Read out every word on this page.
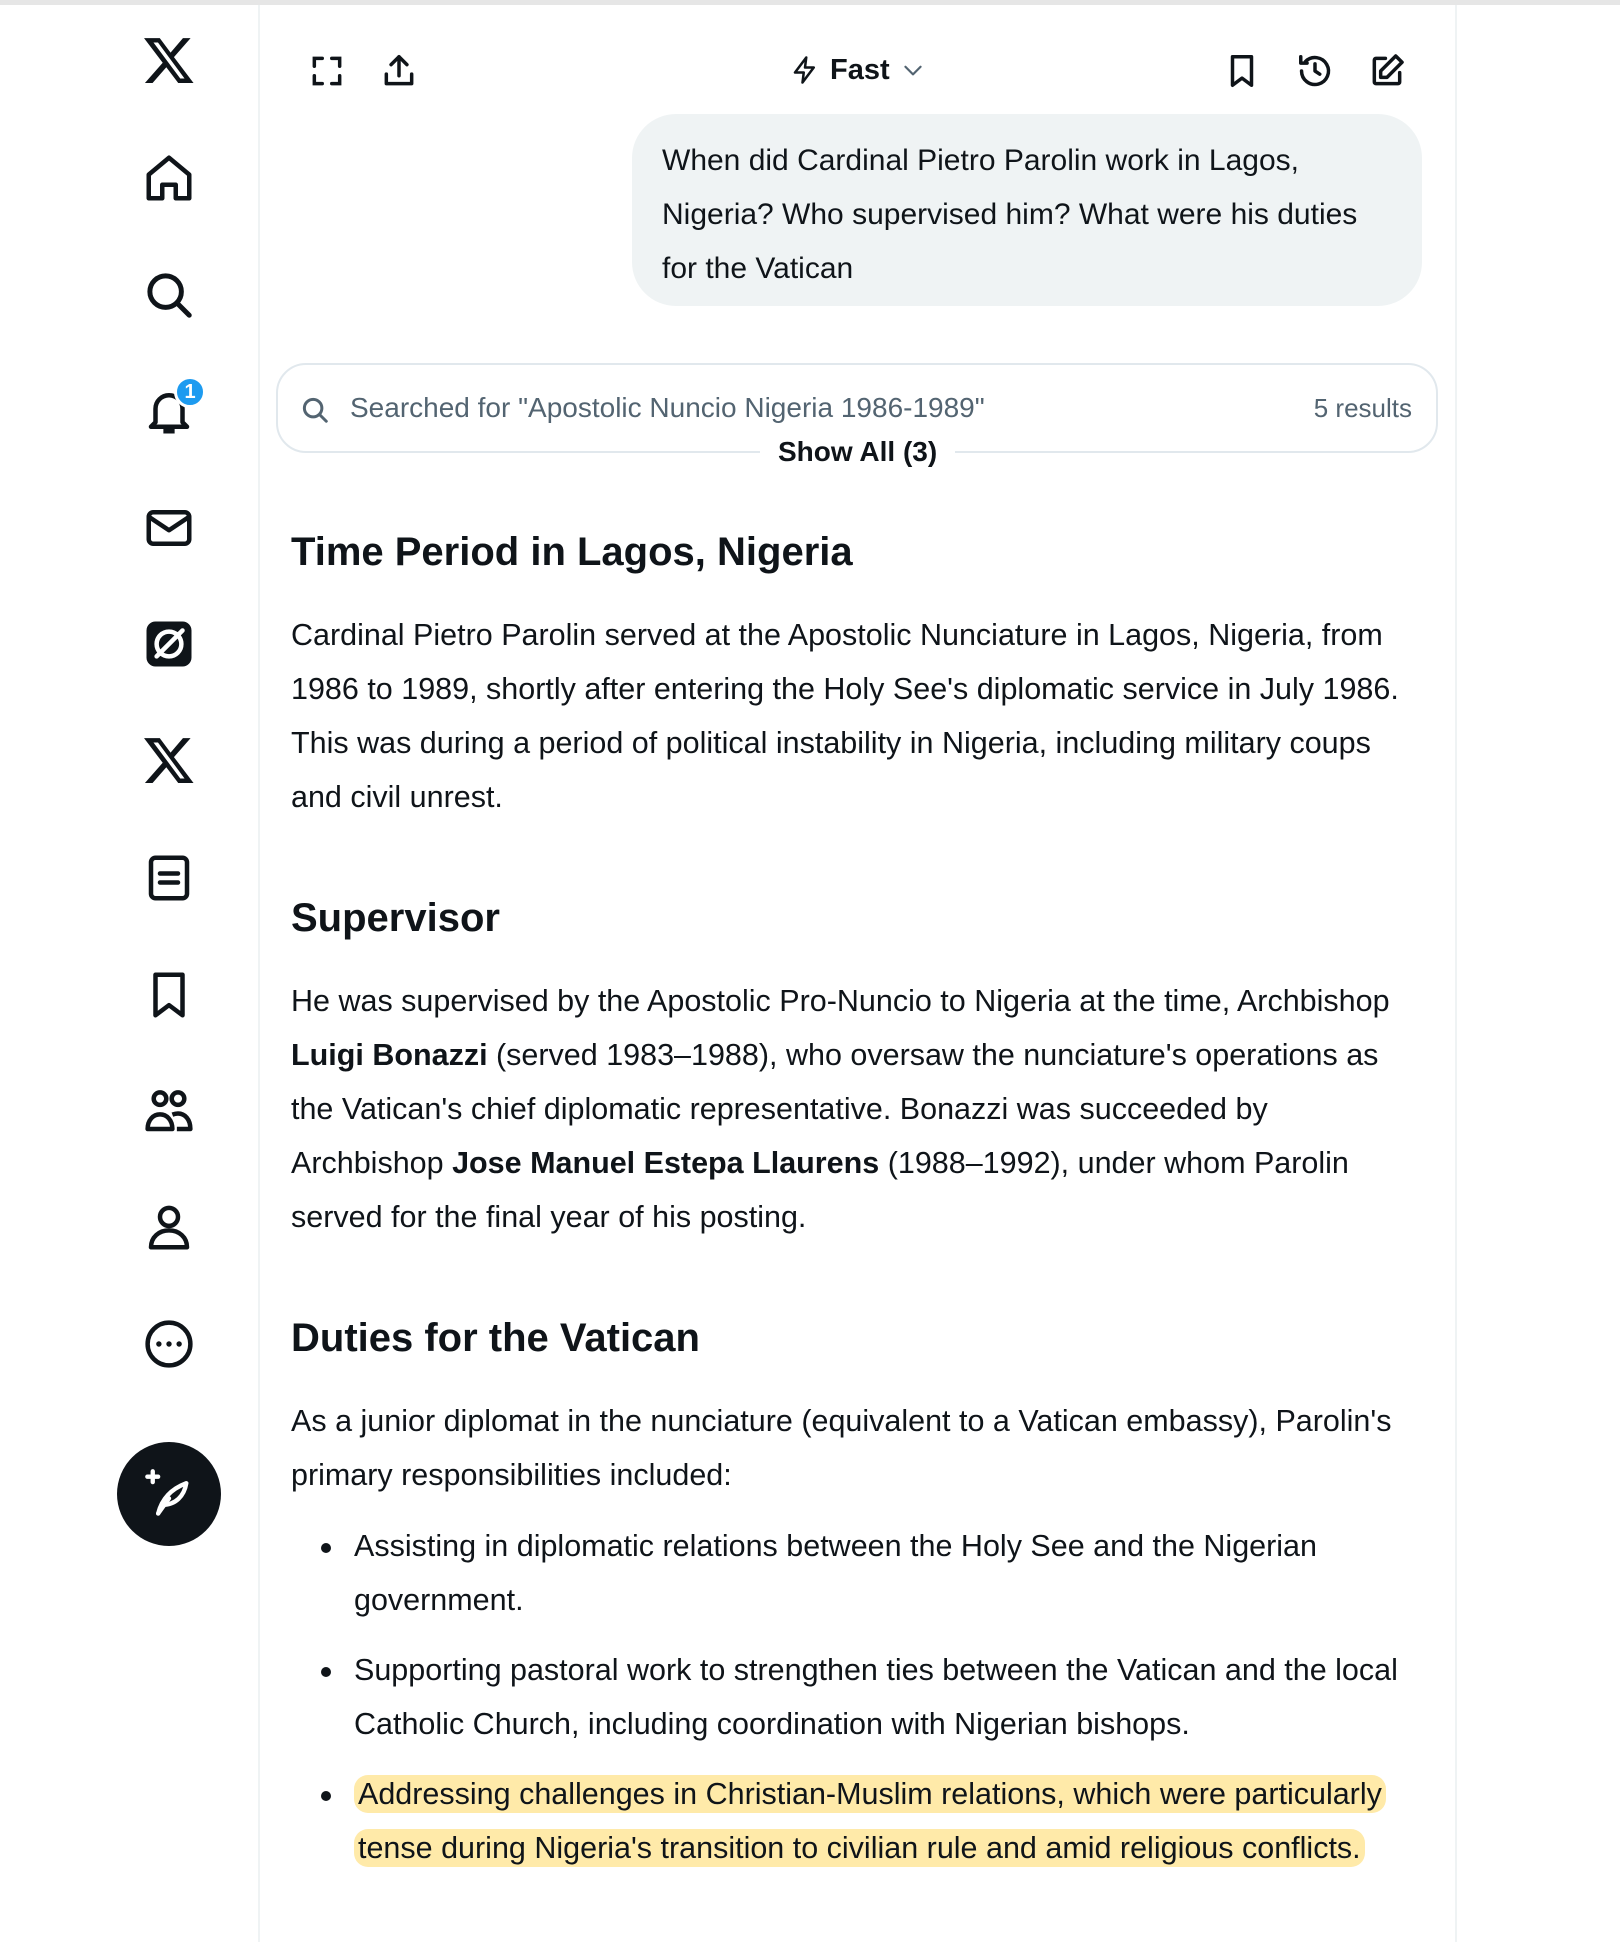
1
Fast
When did Cardinal Pietro Parolin work in Lagos, Nigeria? Who supervised him? What were his duties for the Vatican
Searched for "Apostolic Nuncio Nigeria 1986-1989"	5 results
Show All (3)
Time Period in Lagos, Nigeria
Cardinal Pietro Parolin served at the Apostolic Nunciature in Lagos, Nigeria, from 1986 to 1989, shortly after entering the Holy See's diplomatic service in July 1986. This was during a period of political instability in Nigeria, including military coups and civil unrest.
Supervisor
He was supervised by the Apostolic Pro-Nuncio to Nigeria at the time, Archbishop Luigi Bonazzi (served 1983–1988), who oversaw the nunciature's operations as the Vatican's chief diplomatic representative. Bonazzi was succeeded by Archbishop Jose Manuel Estepa Llaurens (1988–1992), under whom Parolin served for the final year of his posting.
Duties for the Vatican
As a junior diplomat in the nunciature (equivalent to a Vatican embassy), Parolin's primary responsibilities included:
Assisting in diplomatic relations between the Holy See and the Nigerian government.
Supporting pastoral work to strengthen ties between the Vatican and the local Catholic Church, including coordination with Nigerian bishops.
Addressing challenges in Christian-Muslim relations, which were particularly tense during Nigeria's transition to civilian rule and amid religious conflicts.
